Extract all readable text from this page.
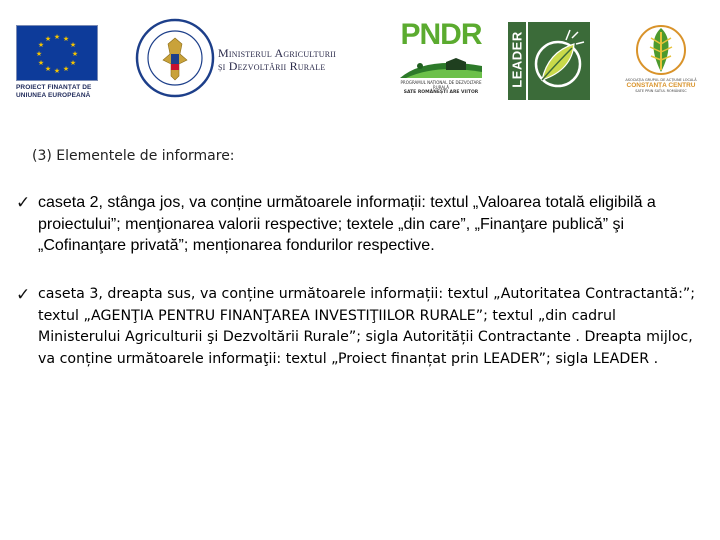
★ ★
★
★
★
★
★
★
★
★
★
★
PROIECT FINANȚAT DE UNIUNEA EUROPEANĂ
Ministerul Agriculturii
și Dezvoltării Rurale
PNDR
PROGRAMUL NAȚIONAL DE DEZVOLTARE RURALĂ
SATE ROMÂNEȘTI ARE VIITOR
LEADER	ASOCIAȚIA GRUPUL DE ACȚIUNE LOCALĂ
CONSTANȚA CENTRU
SATE PRIN SATUL ROMÂNESC
(3) Elementele de informare:
✓ caseta 2, stânga jos, va conține următoarele informații: textul „Valoarea totală eligibilă a proiectului”; menţionarea valorii respective; textele „din care”, „Finanţare publică” şi „Cofinanţare privată”; menționarea fondurilor respective.

✓ caseta 3, dreapta sus, va conține următoarele informații: textul „Autoritatea Contractantă:”; textul „AGENŢIA PENTRU FINANŢAREA INVESTIŢIILOR RURALE”; textul „din cadrul Ministerului Agriculturii şi Dezvoltării Rurale”; sigla Autorității Contractante . Dreapta mijloc, va conține următoarele informaţii: textul „Proiect finanțat prin LEADER”; sigla LEADER .
